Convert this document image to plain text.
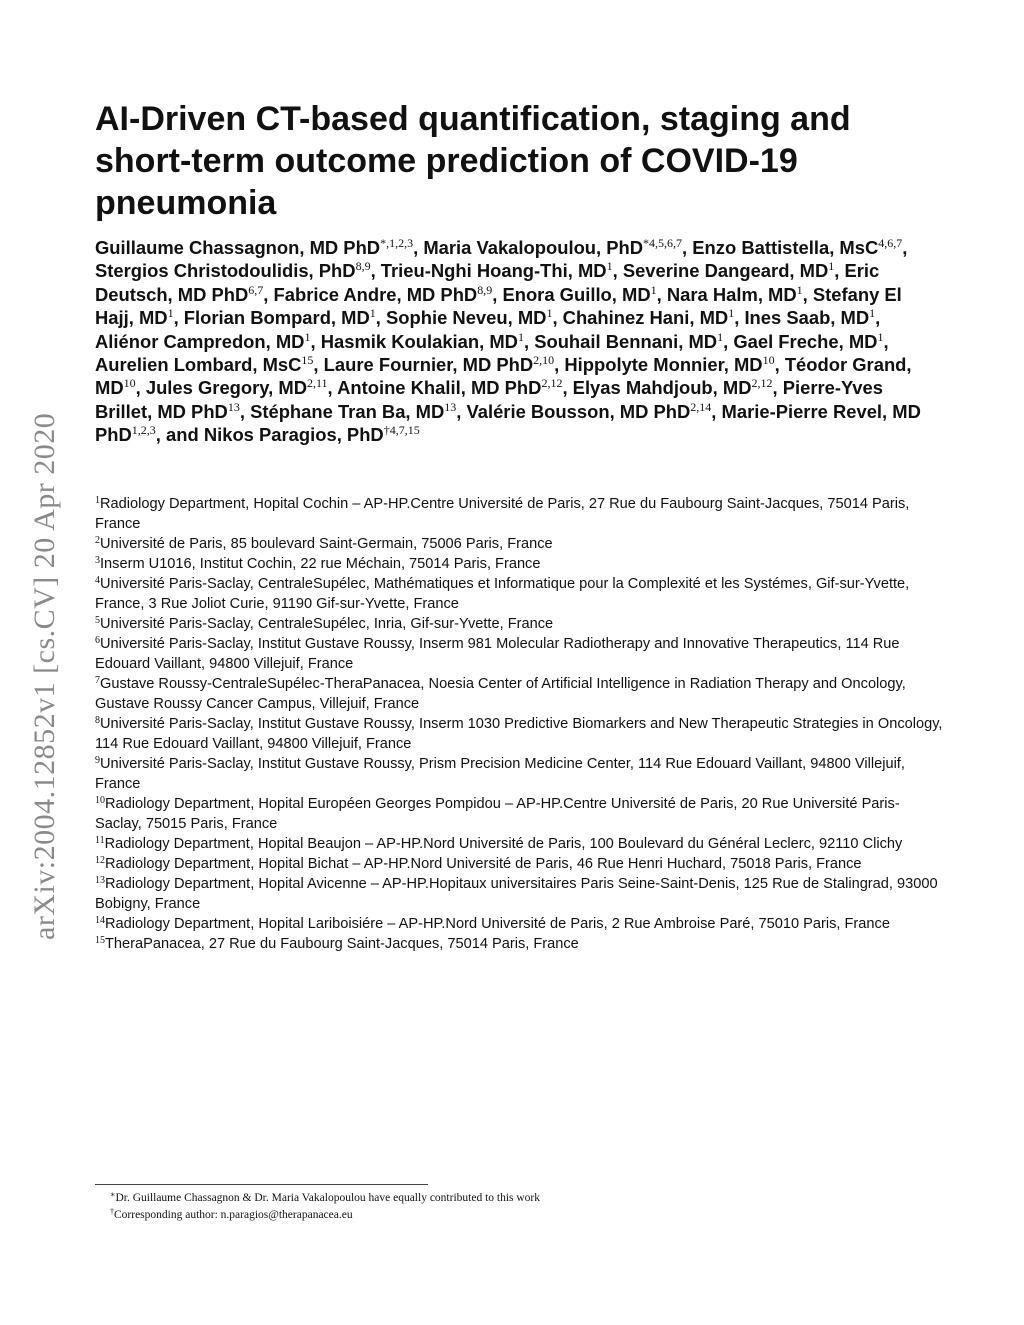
arXiv:2004.12852v1 [cs.CV] 20 Apr 2020
AI-Driven CT-based quantification, staging and short-term outcome prediction of COVID-19 pneumonia

Guillaume Chassagnon, MD PhD$^{*,1,2,3}$, Maria Vakalopoulou, PhD$^{*4,5,6,7}$, Enzo Battistella, MsC$^{4,6,7}$, Stergios Christodoulidis, PhD$^{8,9}$, Trieu-Nghi Hoang-Thi, $MD^1$, Severine Dangeard, $MD^1$, Eric Deutsch, MD PhD$^{6,7}$, Fabrice Andre, MD PhD$^{8,9}$, Enora Guillo, $MD^1$, Nara Halm, $MD^1$, Stefany El Hajj, $MD^1$, Florian Bompard, $MD^1$, Sophie Neveu, $MD^1$, Chahinez Hani, $MD^1$, Ines Saab, $MD^1$, Aliénor Campredon, $MD^1$, Hasmik Koulakian, $MD^1$, Souhail Bennani, $MD^1$, Gael Freche, $MD^1$, Aurelien Lombard, MsC$^{15}$, Laure Fournier, MD PhD$^{2,10}$, Hippolyte Monnier, MD$^{10}$, Téodor Grand, MD$^{10}$, Jules Gregory, MD$^{2,11}$, Antoine Khalil, MD PhD$^{2,12}$, Elyas Mahdjoub, MD$^{2,12}$, Pierre-Yves Brillet, MD PhD$^{13}$, Stéphane Tran Ba, MD$^{13}$, Valérie Bousson, MD PhD$^{2,14}$, Marie-Pierre Revel, MD PhD$^{1,2,3}$, and Nikos Paragios, PhD$^{\dagger 4,7,15}$

$^1$Radiology Department, Hopital Cochin – AP-HP.Centre Université de Paris, 27 Rue du Faubourg Saint-Jacques, 75014 Paris, France

$^2$Université de Paris, 85 boulevard Saint-Germain, 75006 Paris, France

$^3$Inserm U1016, Institut Cochin, 22 rue Méchain, 75014 Paris, France

$^4$Université Paris-Saclay, CentraleSupélec, Mathématiques et Informatique pour la Complexité et les Systémes, Gif-sur-Yvette, France, 3 Rue Joliot Curie, 91190 Gif-sur-Yvette, France

$^5$Université Paris-Saclay, CentraleSupélec, Inria, Gif-sur-Yvette, France

$^6$Université Paris-Saclay, Institut Gustave Roussy, Inserm 981 Molecular Radiotherapy and Innovative Therapeutics, 114 Rue Edouard Vaillant, 94800 Villejuif, France

$^7$Gustave Roussy-CentraleSupélec-TheraPanacea, Noesia Center of Artificial Intelligence in Radiation Therapy and Oncology, Gustave Roussy Cancer Campus, Villejuif, France

$^8$Université Paris-Saclay, Institut Gustave Roussy, Inserm 1030 Predictive Biomarkers and New Therapeutic Strategies in Oncology, 114 Rue Edouard Vaillant, 94800 Villejuif, France

$^9$Université Paris-Saclay, Institut Gustave Roussy, Prism Precision Medicine Center, 114 Rue Edouard Vaillant, 94800 Villejuif, France

$^{10}$Radiology Department, Hopital Européen Georges Pompidou – AP-HP.Centre Université de Paris, 20 Rue Université Paris-Saclay, 75015 Paris, France

$^{11}$Radiology Department, Hopital Beaujon – AP-HP.Nord Université de Paris, 100 Boulevard du Général Leclerc, 92110 Clichy

$^{12}$Radiology Department, Hopital Bichat – AP-HP.Nord Université de Paris, 46 Rue Henri Huchard, 75018 Paris, France

$^{13}$Radiology Department, Hopital Avicenne – AP-HP.Hopitaux universitaires Paris Seine-Saint-Denis, 125 Rue de Stalingrad, 93000 Bobigny, France

$^{14}$Radiology Department, Hopital Lariboisiére – AP-HP.Nord Université de Paris, 2 Rue Ambroise Paré, 75010 Paris, France

$^{15}$TheraPanacea, 27 Rue du Faubourg Saint-Jacques, 75014 Paris, France

∗Dr. Guillaume Chassagnon & Dr. Maria Vakalopoulou have equally contributed to this work
†Corresponding author: n.paragios@therapanacea.eu
